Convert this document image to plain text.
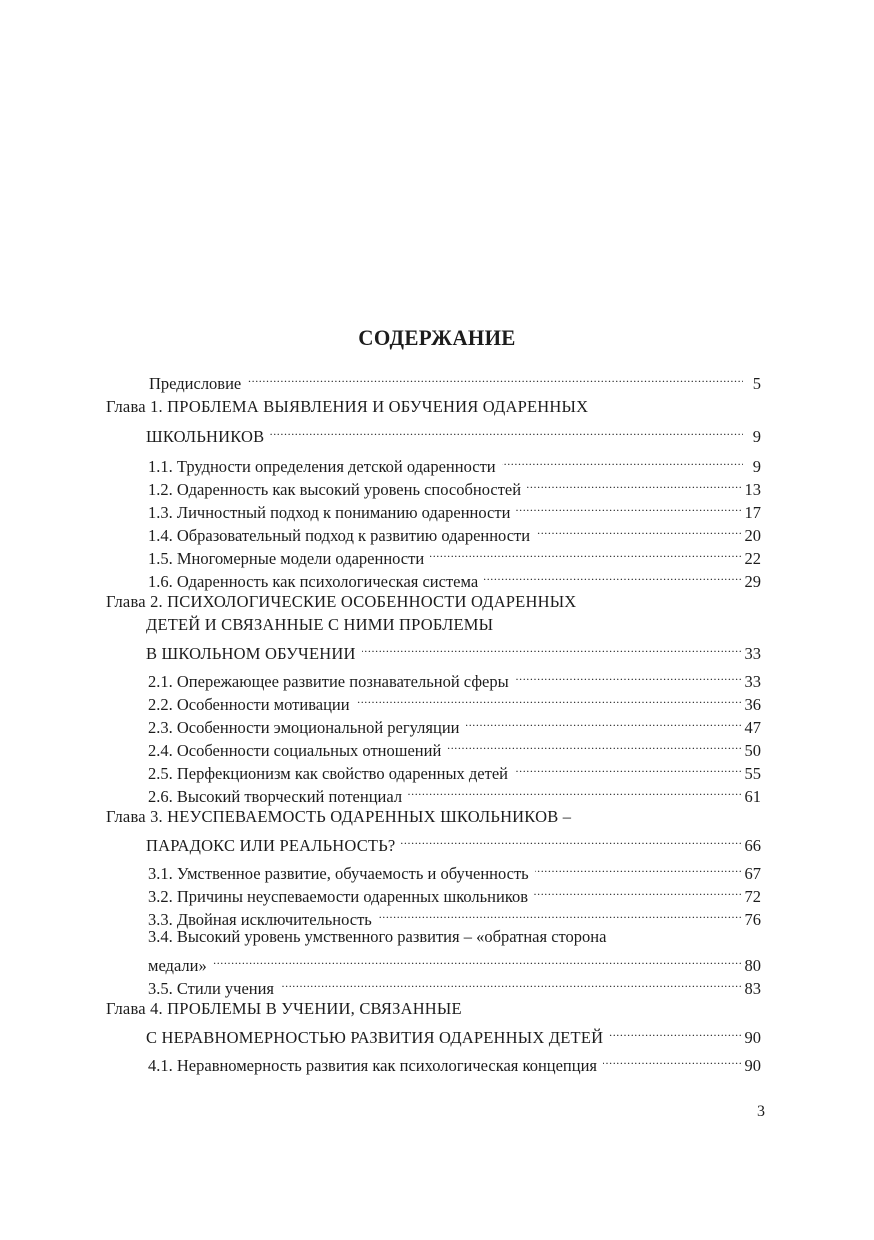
СОДЕРЖАНИЕ
Предисловие . . .	5
Глава 1. ПРОБЛЕМА ВЫЯВЛЕНИЯ И ОБУЧЕНИЯ ОДАРЕННЫХ
ШКОЛЬНИКОВ . . .	9
1.1. Трудности определения детской одаренности . . .	9
1.2. Одаренность как высокий уровень способностей . . .	13
1.3. Личностный подход к пониманию одаренности . . .	17
1.4. Образовательный подход к развитию одаренности . . .	20
1.5. Многомерные модели одаренности . . .	22
1.6. Одаренность как психологическая система . . .	29
Глава 2. ПСИХОЛОГИЧЕСКИЕ ОСОБЕННОСТИ ОДАРЕННЫХ
ДЕТЕЙ И СВЯЗАННЫЕ С НИМИ ПРОБЛЕМЫ
В ШКОЛЬНОМ ОБУЧЕНИИ . . .	33
2.1. Опережающее развитие познавательной сферы . . .	33
2.2. Особенности мотивации . . .	36
2.3. Особенности эмоциональной регуляции . . .	47
2.4. Особенности социальных отношений . . .	50
2.5. Перфекционизм как свойство одаренных детей . . .	55
2.6. Высокий творческий потенциал . . .	61
Глава 3. НЕУСПЕВАЕМОСТЬ ОДАРЕННЫХ ШКОЛЬНИКОВ –
ПАРАДОКС ИЛИ РЕАЛЬНОСТЬ? . . .	66
3.1. Умственное развитие, обучаемость и обученность . . .	67
3.2. Причины неуспеваемости одаренных школьников . . .	72
3.3. Двойная исключительность . . .	76
3.4. Высокий уровень умственного развития – «обратная сторона
медали» . . .	80
3.5. Стили учения . . .	83
Глава 4. ПРОБЛЕМЫ В УЧЕНИИ, СВЯЗАННЫЕ
С НЕРАВНОМЕРНОСТЬЮ РАЗВИТИЯ ОДАРЕННЫХ ДЕТЕЙ . . .	90
4.1. Неравномерность развития как психологическая концепция . . .	90
3
